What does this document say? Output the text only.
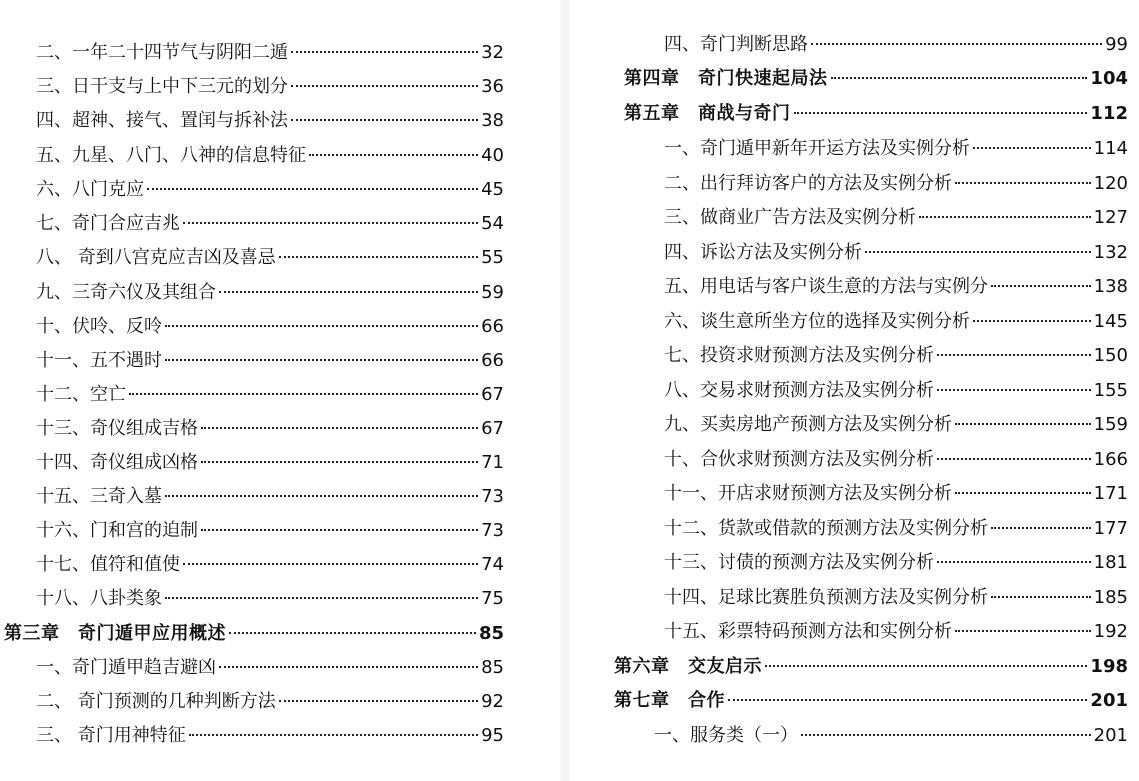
二、一年二十四节气与阴阳二遁	32
三、日干支与上中下三元的划分	36
四、超神、接气、置闰与拆补法	38
五、九星、八门、八神的信息特征	40
六、八门克应	45
七、奇门合应吉兆	54
八、 奇到八宫克应吉凶及喜忌	55
九、三奇六仪及其组合	59
十、伏呤、反呤	66
十一、五不遇时	66
十二、空亡	67
十三、奇仪组成吉格	67
十四、奇仪组成凶格	71
十五、三奇入墓	73
十六、门和宫的迫制	73
十七、值符和值使	74
十八、八卦类象	75
第三章　奇门遁甲应用概述	85
一、奇门遁甲趋吉避凶	85
二、 奇门预测的几种判断方法	92
三、 奇门用神特征	95
四、奇门判断思路	99
第四章　奇门快速起局法	104
第五章　商战与奇门	112
一、奇门遁甲新年开运方法及实例分析	114
二、出行拜访客户的方法及实例分析	120
三、做商业广告方法及实例分析	127
四、诉讼方法及实例分析	132
五、用电话与客户谈生意的方法与实例分	138
六、谈生意所坐方位的选择及实例分析	145
七、投资求财预测方法及实例分析	150
八、交易求财预测方法及实例分析	155
九、买卖房地产预测方法及实例分析	159
十、合伙求财预测方法及实例分析	166
十一、开店求财预测方法及实例分析	171
十二、货款或借款的预测方法及实例分析	177
十三、讨债的预测方法及实例分析	181
十四、足球比赛胜负预测方法及实例分析	185
十五、彩票特码预测方法和实例分析	192
第六章　交友启示	198
第七章　合作	201
一、服务类（一）	201
